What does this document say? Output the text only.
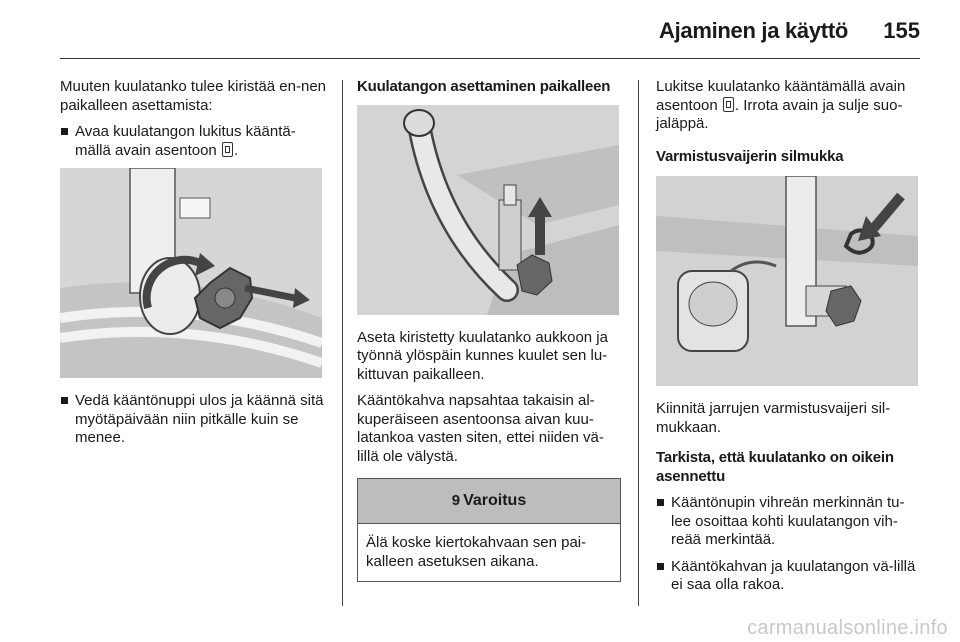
Ajaminen ja käyttö 155

Muuten kuulatanko tulee kiristää en-nen paikalleen asettamista:

Avaa kuulatangon lukitus kääntä-mällä avain asentoon .
Vedä kääntönuppi ulos ja käännä sitä myötäpäivään niin pitkälle kuin se menee.
Kuulatangon asettaminen paikalleen

Aseta kiristetty kuulatanko aukkoon ja työnnä ylöspäin kunnes kuulet sen lu-kittuvan paikalleen.

Kääntökahva napsahtaa takaisin al-kuperäiseen asentoonsa aivan kuu-latankoa vasten siten, ettei niiden vä-lillä ole välystä.

9 Varoitus
Älä koske kiertokahvaan sen pai-kalleen asetuksen aikana.

Lukitse kuulatanko kääntämällä avain asentoon . Irrota avain ja sulje suo-jaläppä.

Varmistusvaijerin silmukka

Kiinnitä jarrujen varmistusvaijeri sil-mukkaan.

Tarkista, että kuulatanko on oikein asennettu
Kääntönupin vihreän merkinnän tu-lee osoittaa kohti kuulatangon vih-reää merkintää.
Kääntökahvan ja kuulatangon vä-lillä ei saa olla rakoa.
carmanualsonline.info
